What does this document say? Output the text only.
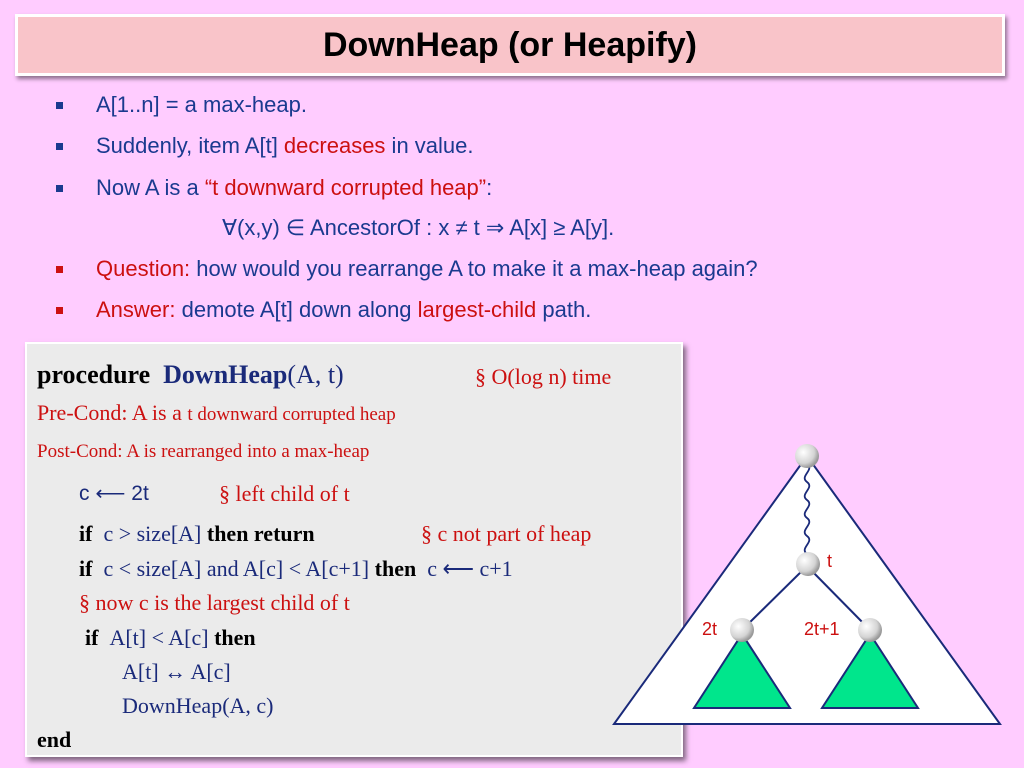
DownHeap (or Heapify)
A[1..n] = a max-heap.
Suddenly, item A[t] decreases in value.
Now A is a “t downward corrupted heap”:
∀(x,y) ∈ AncestorOf : x ≠ t ⇒ A[x] ≥ A[y].
Question: how would you rearrange A to make it a max-heap again?
Answer: demote A[t] down along largest-child path.
procedure DownHeap(A, t)	§ O(log n) time
Pre-Cond: A is a t downward corrupted heap
Post-Cond: A is rearranged into a max-heap
c ⟵ 2t	§ left child of t
if c > size[A] then return	§ c not part of heap
if c < size[A] and A[c] < A[c+1] then c ⟵ c+1
§ now c is the largest child of t
if A[t] < A[c] then
A[t] ↔ A[c]
DownHeap(A, c)
end
t
2t	2t+1
